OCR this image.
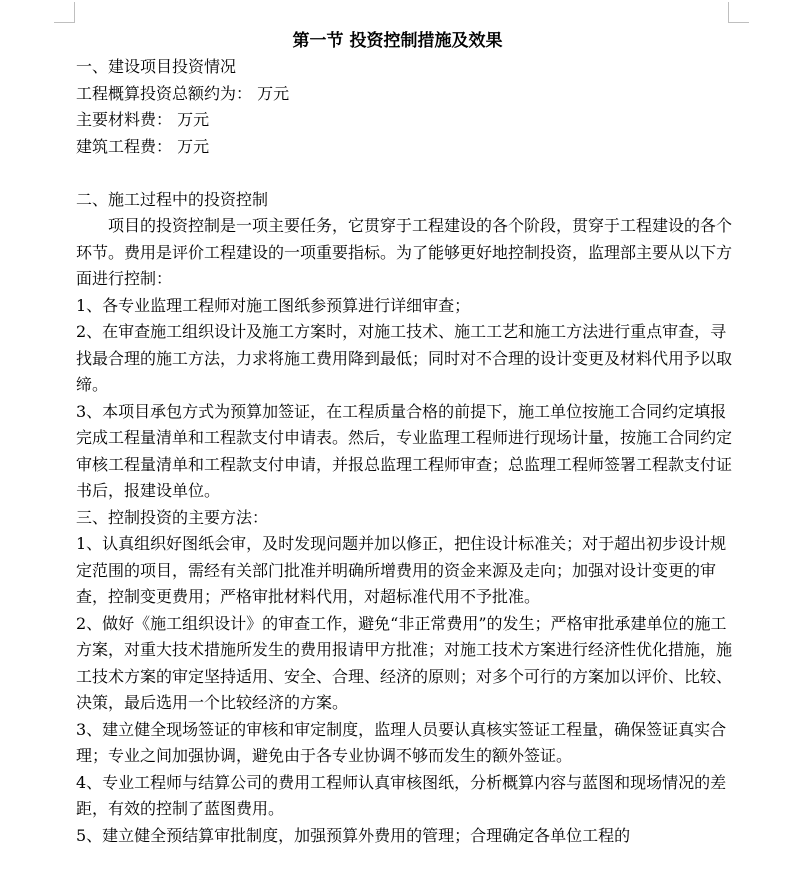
第一节 投资控制措施及效果

一、建设项目投资情况

工程概算投资总额约为： 万元

主要材料费： 万元

建筑工程费： 万元

二、施工过程中的投资控制

项目的投资控制是一项主要任务，它贯穿于工程建设的各个阶段，贯穿于工程建设的各个环节。费用是评价工程建设的一项重要指标。为了能够更好地控制投资，监理部主要从以下方面进行控制：

1、各专业监理工程师对施工图纸参预算进行详细审查；

2、在审查施工组织设计及施工方案时，对施工技术、施工工艺和施工方法进行重点审查，寻找最合理的施工方法，力求将施工费用降到最低；同时对不合理的设计变更及材料代用予以取缔。

3、本项目承包方式为预算加签证，在工程质量合格的前提下，施工单位按施工合同约定填报完成工程量清单和工程款支付申请表。然后，专业监理工程师进行现场计量，按施工合同约定审核工程量清单和工程款支付申请，并报总监理工程师审查；总监理工程师签署工程款支付证书后，报建设单位。

三、控制投资的主要方法：

1、认真组织好图纸会审，及时发现问题并加以修正，把住设计标准关；对于超出初步设计规定范围的项目，需经有关部门批准并明确所增费用的资金来源及走向；加强对设计变更的审查，控制变更费用；严格审批材料代用，对超标准代用不予批准。

2、做好《施工组织设计》的审查工作，避免“非正常费用”的发生；严格审批承建单位的施工方案，对重大技术措施所发生的费用报请甲方批准；对施工技术方案进行经济性优化措施，施工技术方案的审定坚持适用、安全、合理、经济的原则；对多个可行的方案加以评价、比较、决策，最后选用一个比较经济的方案。

3、建立健全现场签证的审核和审定制度，监理人员要认真核实签证工程量，确保签证真实合理；专业之间加强协调，避免由于各专业协调不够而发生的额外签证。

4、专业工程师与结算公司的费用工程师认真审核图纸，分析概算内容与蓝图和现场情况的差距，有效的控制了蓝图费用。

5、建立健全预结算审批制度，加强预算外费用的管理；合理确定各单位工程的
